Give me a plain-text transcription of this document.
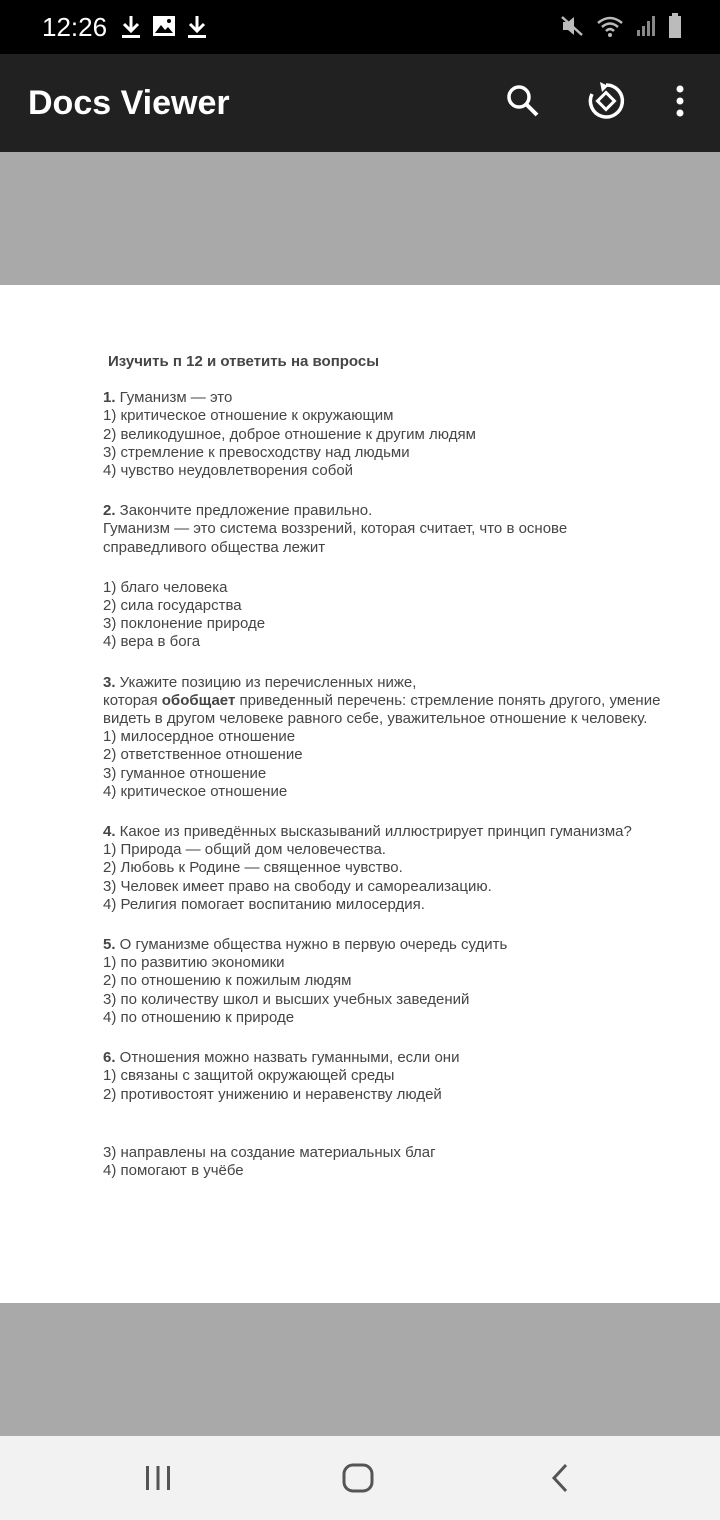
12:26
Docs Viewer
Изучить п 12 и ответить на вопросы
1. Гуманизм — это
1) критическое отношение к окружающим
2) великодушное, доброе отношение к другим людям
3) стремление к превосходству над людьми
4) чувство неудовлетворения собой
2. Закончите предложение правильно.
Гуманизм — это система воззрений, которая считает, что в основе справедливого общества лежит
1) благо человека
2) сила государства
3) поклонение природе
4) вера в бога
3. Укажите позицию из перечисленных ниже,
которая обобщает приведенный перечень: стремление понять другого, умение видеть в другом человеке равного себе, уважительное отношение к человеку.
1) милосердное отношение
2) ответственное отношение
3) гуманное отношение
4) критическое отношение
4. Какое из приведённых высказываний иллюстрирует принцип гуманизма?
1) Природа — общий дом человечества.
2) Любовь к Родине — священное чувство.
3) Человек имеет право на свободу и самореализацию.
4) Религия помогает воспитанию милосердия.
5. О гуманизме общества нужно в первую очередь судить
1) по развитию экономики
2) по отношению к пожилым людям
3) по количеству школ и высших учебных заведений
4) по отношению к природе
6. Отношения можно назвать гуманными, если они
1) связаны с защитой окружающей среды
2) противостоят унижению и неравенству людей
3) направлены на создание материальных благ
4) помогают в учёбе
